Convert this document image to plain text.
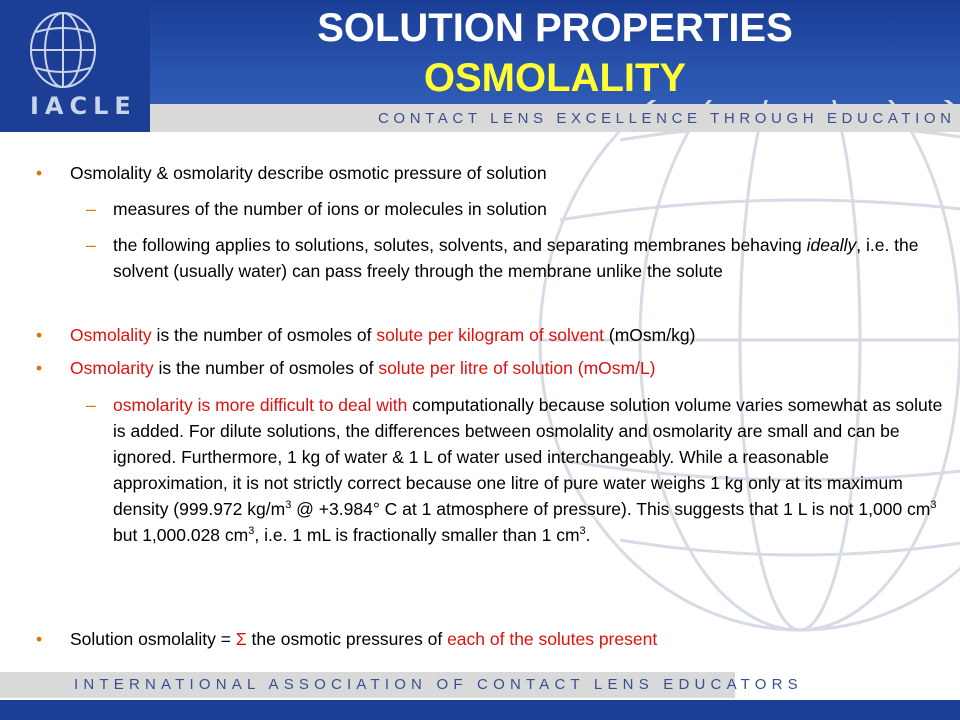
IACLE
SOLUTION PROPERTIES
OSMOLALITY
CONTACT LENS EXCELLENCE THROUGH EDUCATION
• Osmolality & osmolarity describe osmotic pressure of solution
– measures of the number of ions or molecules in solution
– the following applies to solutions, solutes, solvents, and separating membranes behaving ideally, i.e. the solvent (usually water) can pass freely through the membrane unlike the solute
• Osmolality is the number of osmoles of solute per kilogram of solvent (mOsm/kg)
• Osmolarity is the number of osmoles of solute per litre of solution (mOsm/L)
– osmolarity is more difficult to deal with computationally because solution volume varies somewhat as solute is added. For dilute solutions, the differences between osmolality and osmolarity are small and can be ignored. Furthermore, 1 kg of water & 1 L of water used interchangeably. While a reasonable approximation, it is not strictly correct because one litre of pure water weighs 1 kg only at its maximum density (999.972 $kg/m^3$ @ +3.984° C at 1 atmosphere of pressure). This suggests that 1 L is not 1,000 $cm^3$ but 1,000.028 $cm^3$, i.e. 1 mL is fractionally smaller than 1 $cm^3$.
• Solution osmolality = Σ the osmotic pressures of each of the solutes present
INTERNATIONAL ASSOCIATION OF CONTACT LENS EDUCATORS
